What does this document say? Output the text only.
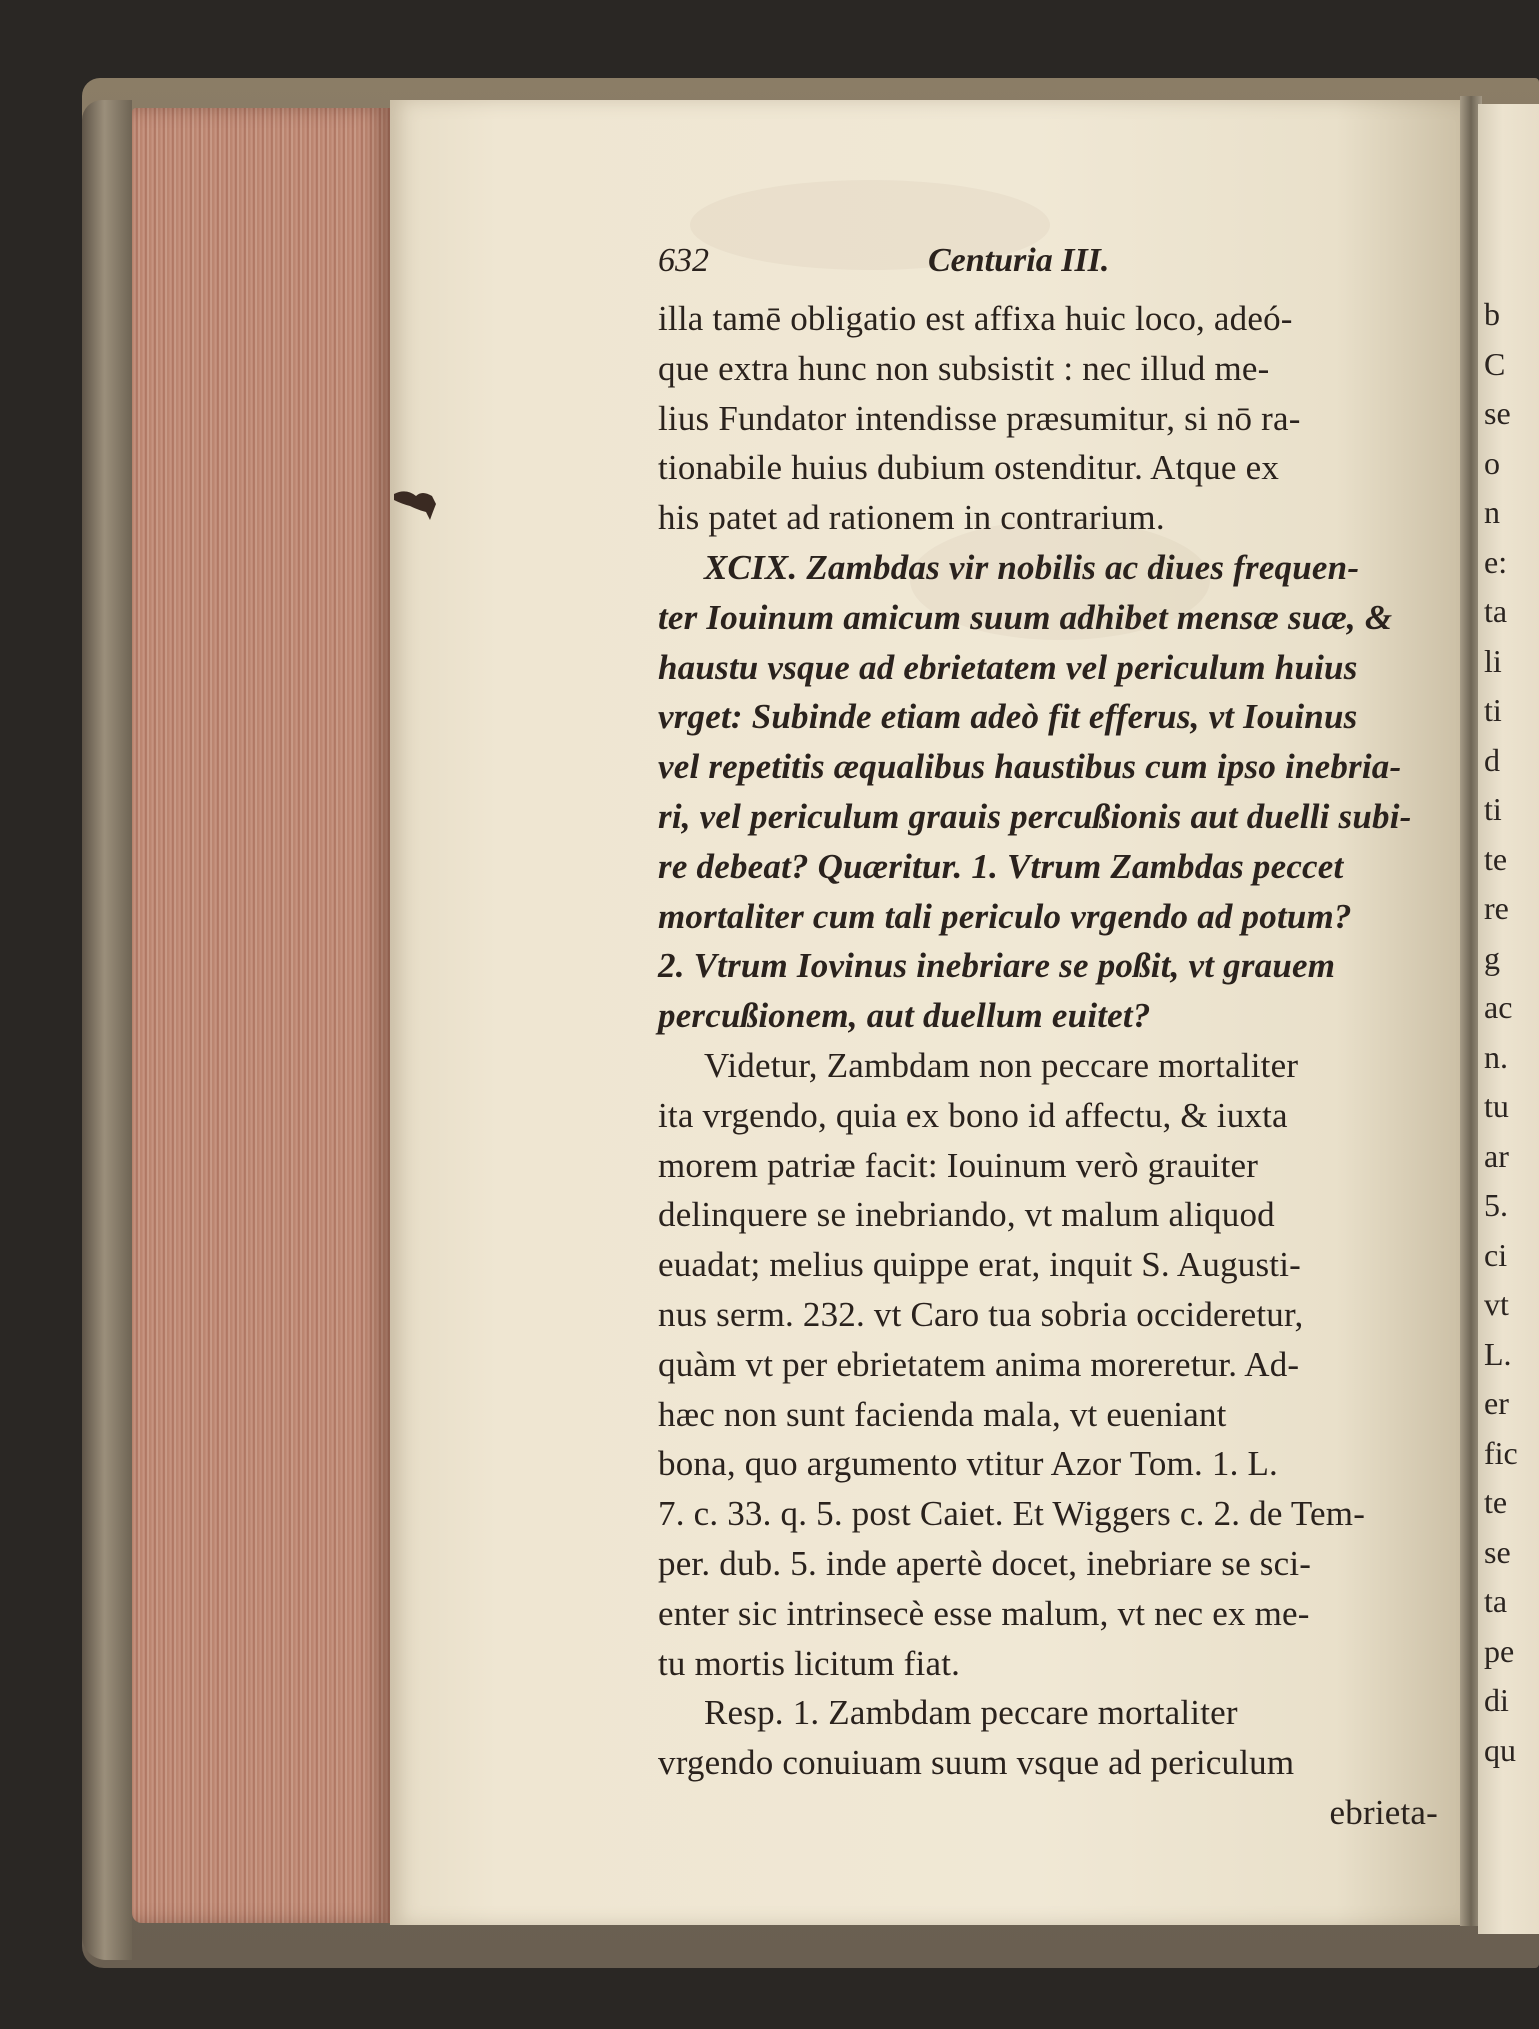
b
C
se
o
n
e:
ta
li
ti
d
ti
te
re
g
ac
n.
tu
ar
5.
ci
vt
L.
er
fic
te
se
ta
pe
di
qu
632	Centuria III.
illa tamē obligatio est affixa huic loco, adeó-
que extra hunc non subsistit : nec illud me-
lius Fundator intendisse præsumitur, si nō ra-
tionabile huius dubium ostenditur. Atque ex
his patet ad rationem in contrarium.
XCIX. Zambdas vir nobilis ac diues frequen-
ter Iouinum amicum suum adhibet mensæ suæ, &
haustu vsque ad ebrietatem vel periculum huius
vrget: Subinde etiam adeò fit efferus, vt Iouinus
vel repetitis æqualibus haustibus cum ipso inebria-
ri, vel periculum grauis percußionis aut duelli subi-
re debeat? Quæritur. 1. Vtrum Zambdas peccet
mortaliter cum tali periculo vrgendo ad potum?
2. Vtrum Iovinus inebriare se poßit, vt grauem
percußionem, aut duellum euitet?
Videtur, Zambdam non peccare mortaliter
ita vrgendo, quia ex bono id affectu, & iuxta
morem patriæ facit: Iouinum verò grauiter
delinquere se inebriando, vt malum aliquod
euadat; melius quippe erat, inquit S. Augusti-
nus serm. 232. vt Caro tua sobria occideretur,
quàm vt per ebrietatem anima moreretur. Ad-
hæc non sunt facienda mala, vt eueniant
bona, quo argumento vtitur Azor Tom. 1. L.
7. c. 33. q. 5. post Caiet. Et Wiggers c. 2. de Tem-
per. dub. 5. inde apertè docet, inebriare se sci-
enter sic intrinsecè esse malum, vt nec ex me-
tu mortis licitum fiat.
Resp. 1. Zambdam peccare mortaliter
vrgendo conuiuam suum vsque ad periculum
ebrieta-
